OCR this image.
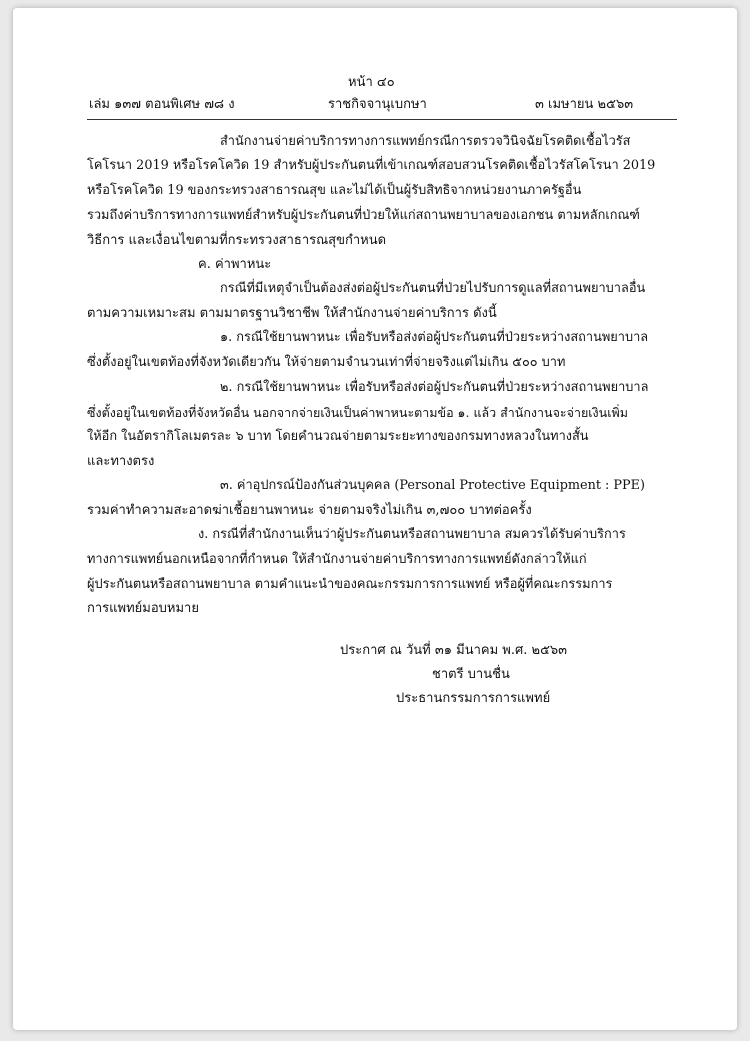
หน้า ๔๐
เล่ม ๑๓๗ ตอนพิเศษ ๗๘ ง	ราชกิจจานุเบกษา	๓ เมษายน ๒๕๖๓
สำนักงานจ่ายค่าบริการทางการแพทย์กรณีการตรวจวินิจฉัยโรคติดเชื้อไวรัส
โคโรนา 2019 หรือโรคโควิด 19 สำหรับผู้ประกันตนที่เข้าเกณฑ์สอบสวนโรคติดเชื้อไวรัสโคโรนา 2019
หรือโรคโควิด 19 ของกระทรวงสาธารณสุข และไม่ได้เป็นผู้รับสิทธิจากหน่วยงานภาครัฐอื่น
รวมถึงค่าบริการทางการแพทย์สำหรับผู้ประกันตนที่ป่วยให้แก่สถานพยาบาลของเอกชน ตามหลักเกณฑ์
วิธีการ และเงื่อนไขตามที่กระทรวงสาธารณสุขกำหนด
ค. ค่าพาหนะ
กรณีที่มีเหตุจำเป็นต้องส่งต่อผู้ประกันตนที่ป่วยไปรับการดูแลที่สถานพยาบาลอื่น
ตามความเหมาะสม ตามมาตรฐานวิชาชีพ ให้สำนักงานจ่ายค่าบริการ ดังนี้
๑. กรณีใช้ยานพาหนะ เพื่อรับหรือส่งต่อผู้ประกันตนที่ป่วยระหว่างสถานพยาบาล
ซึ่งตั้งอยู่ในเขตท้องที่จังหวัดเดียวกัน ให้จ่ายตามจำนวนเท่าที่จ่ายจริงแต่ไม่เกิน ๕๐๐ บาท
๒. กรณีใช้ยานพาหนะ เพื่อรับหรือส่งต่อผู้ประกันตนที่ป่วยระหว่างสถานพยาบาล
ซึ่งตั้งอยู่ในเขตท้องที่จังหวัดอื่น นอกจากจ่ายเงินเป็นค่าพาหนะตามข้อ ๑. แล้ว สำนักงานจะจ่ายเงินเพิ่ม
ให้อีก ในอัตรากิโลเมตรละ ๖ บาท โดยคำนวณจ่ายตามระยะทางของกรมทางหลวงในทางสั้น
และทางตรง
๓. ค่าอุปกรณ์ป้องกันส่วนบุคคล (Personal Protective Equipment : PPE)
รวมค่าทำความสะอาดฆ่าเชื้อยานพาหนะ จ่ายตามจริงไม่เกิน ๓,๗๐๐ บาทต่อครั้ง
ง. กรณีที่สำนักงานเห็นว่าผู้ประกันตนหรือสถานพยาบาล สมควรได้รับค่าบริการ
ทางการแพทย์นอกเหนือจากที่กำหนด ให้สำนักงานจ่ายค่าบริการทางการแพทย์ดังกล่าวให้แก่
ผู้ประกันตนหรือสถานพยาบาล ตามคำแนะนำของคณะกรรมการการแพทย์ หรือผู้ที่คณะกรรมการ
การแพทย์มอบหมาย
ประกาศ ณ วันที่ ๓๑ มีนาคม พ.ศ. ๒๕๖๓
ชาตรี บานชื่น
ประธานกรรมการการแพทย์
